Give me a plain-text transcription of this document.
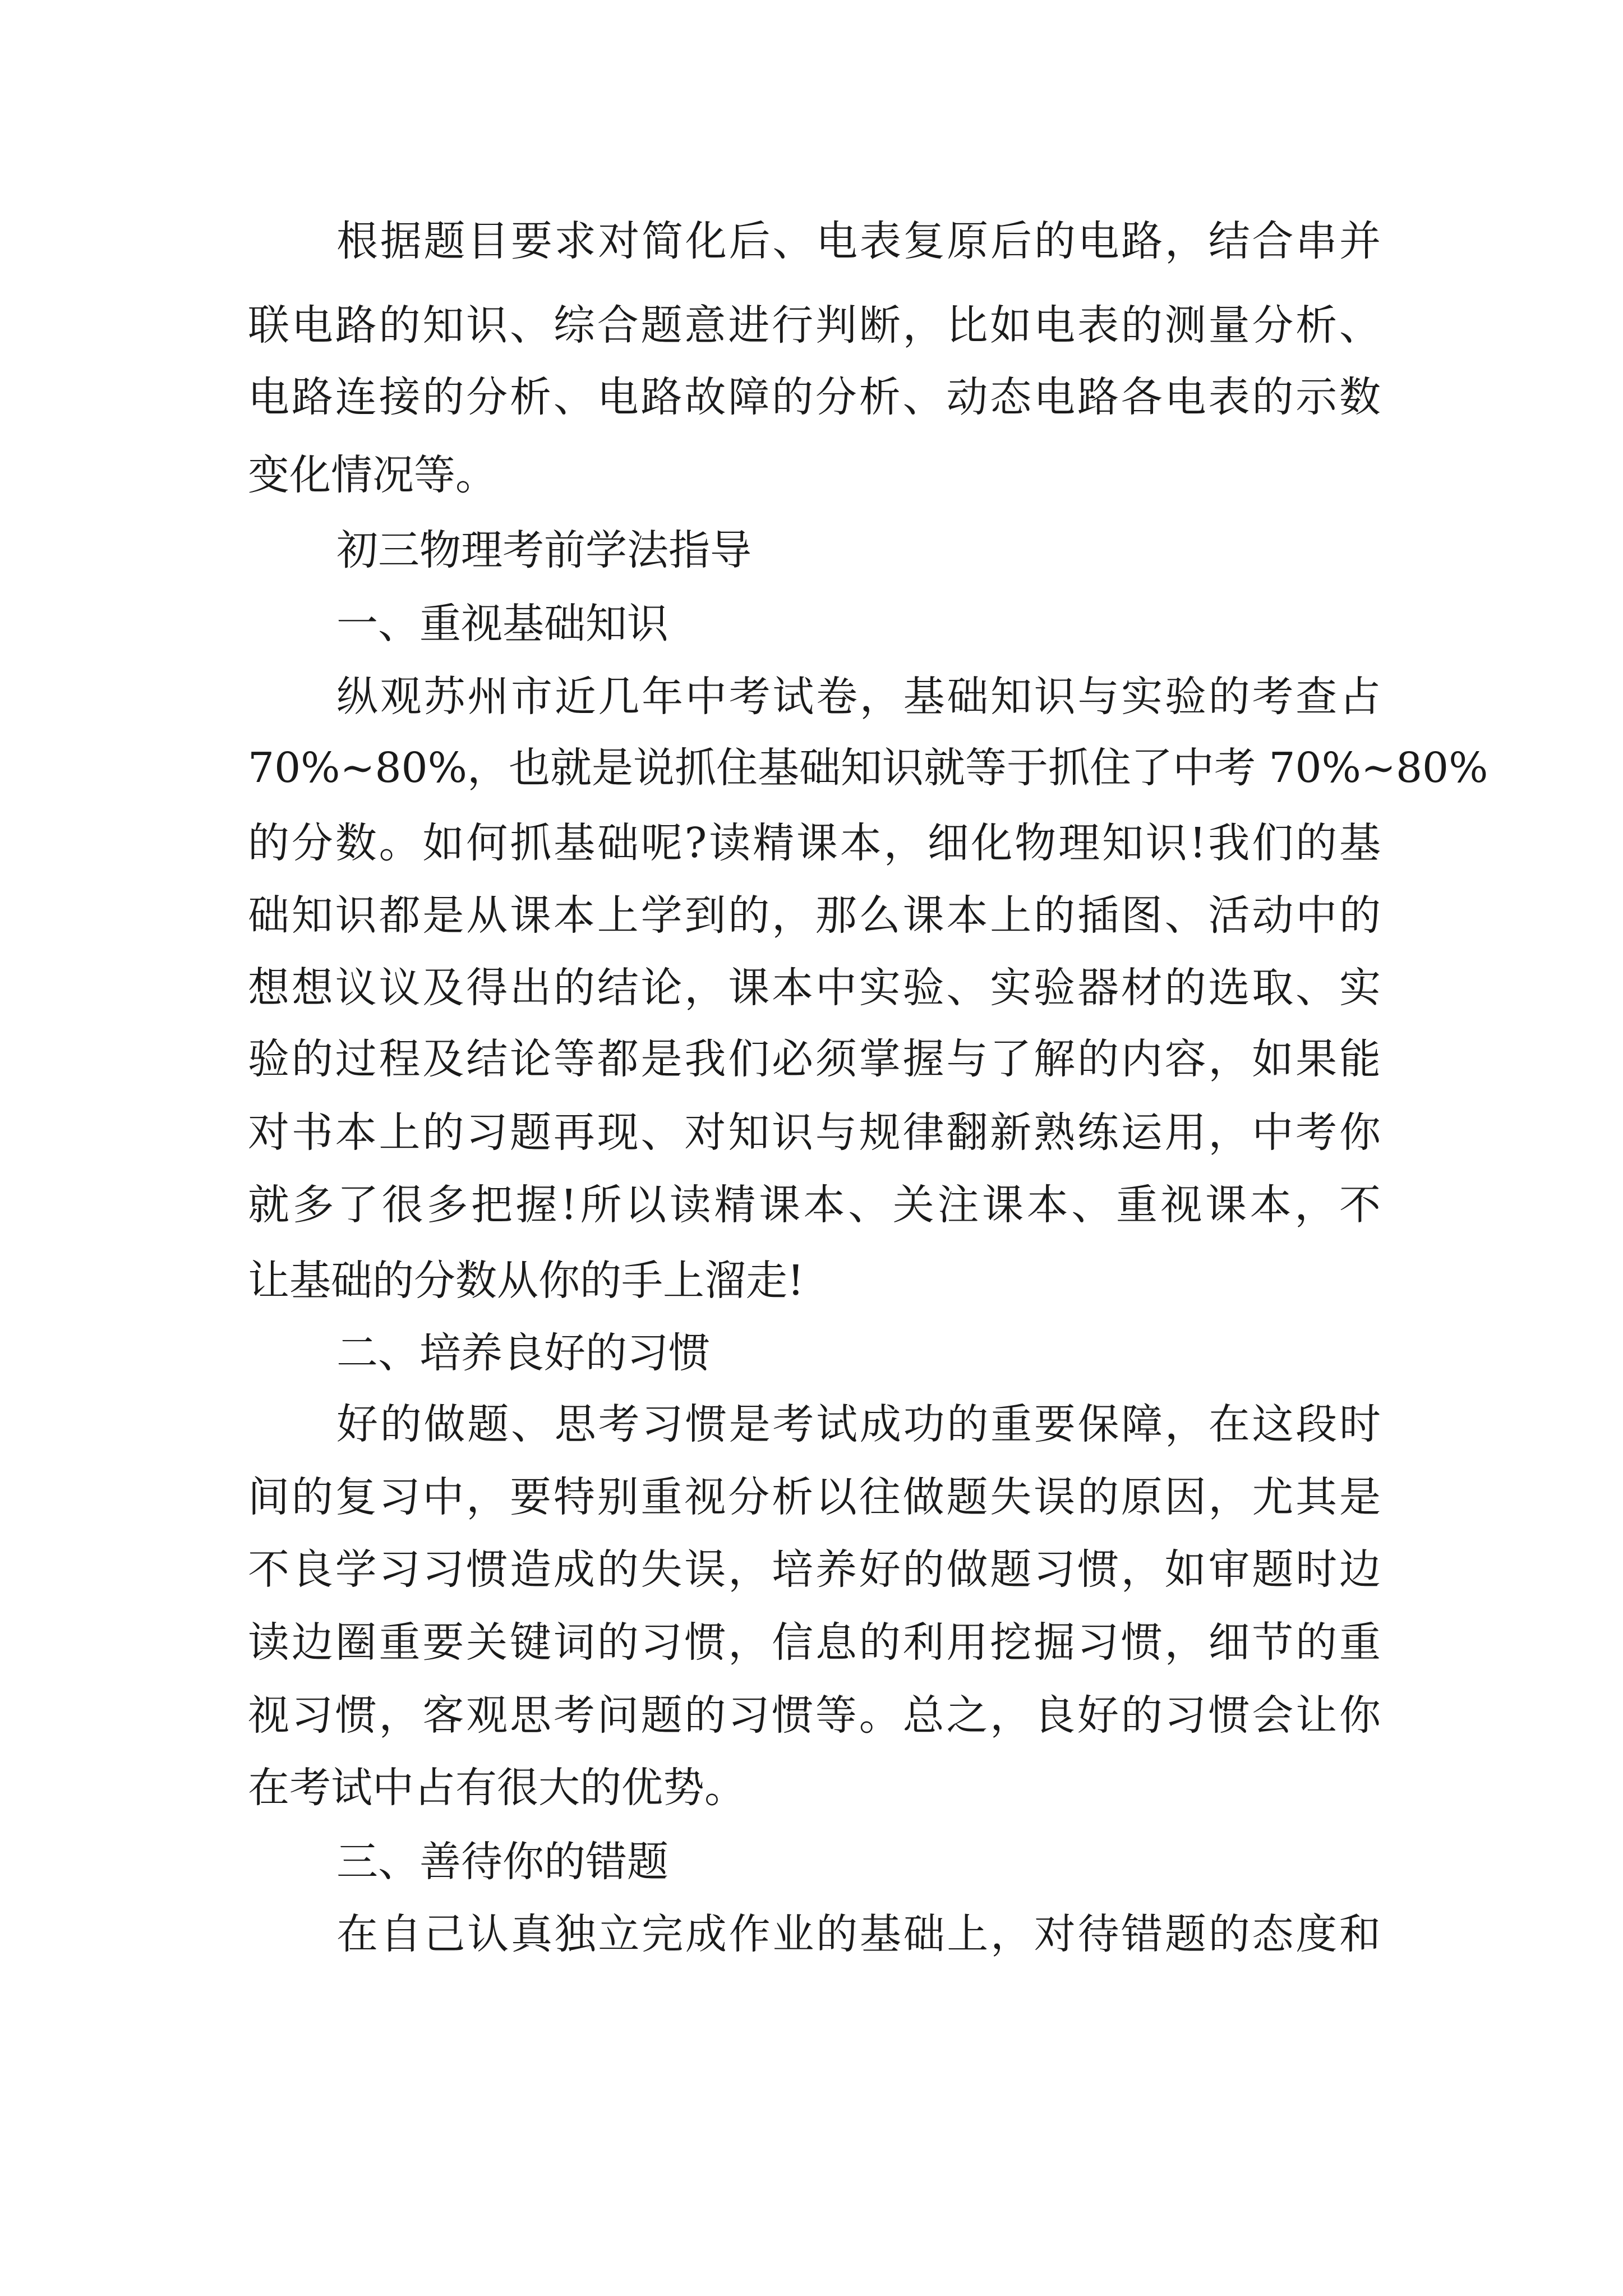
根据题目要求对简化后、电表复原后的电路，结合串并
联电路的知识、综合题意进行判断，比如电表的测量分析、
电路连接的分析、电路故障的分析、动态电路各电表的示数
变化情况等。
初三物理考前学法指导
一、重视基础知识
纵观苏州市近几年中考试卷，基础知识与实验的考查占
70%~80%，也就是说抓住基础知识就等于抓住了中考 70%~80%
的分数。如何抓基础呢?读精课本，细化物理知识!我们的基
础知识都是从课本上学到的，那么课本上的插图、活动中的
想想议议及得出的结论，课本中实验、实验器材的选取、实
验的过程及结论等都是我们必须掌握与了解的内容，如果能
对书本上的习题再现、对知识与规律翻新熟练运用，中考你
就多了很多把握!所以读精课本、关注课本、重视课本，不
让基础的分数从你的手上溜走!
二、培养良好的习惯
好的做题、思考习惯是考试成功的重要保障，在这段时
间的复习中，要特别重视分析以往做题失误的原因，尤其是
不良学习习惯造成的失误，培养好的做题习惯，如审题时边
读边圈重要关键词的习惯，信息的利用挖掘习惯，细节的重
视习惯，客观思考问题的习惯等。总之，良好的习惯会让你
在考试中占有很大的优势。
三、善待你的错题
在自己认真独立完成作业的基础上，对待错题的态度和
